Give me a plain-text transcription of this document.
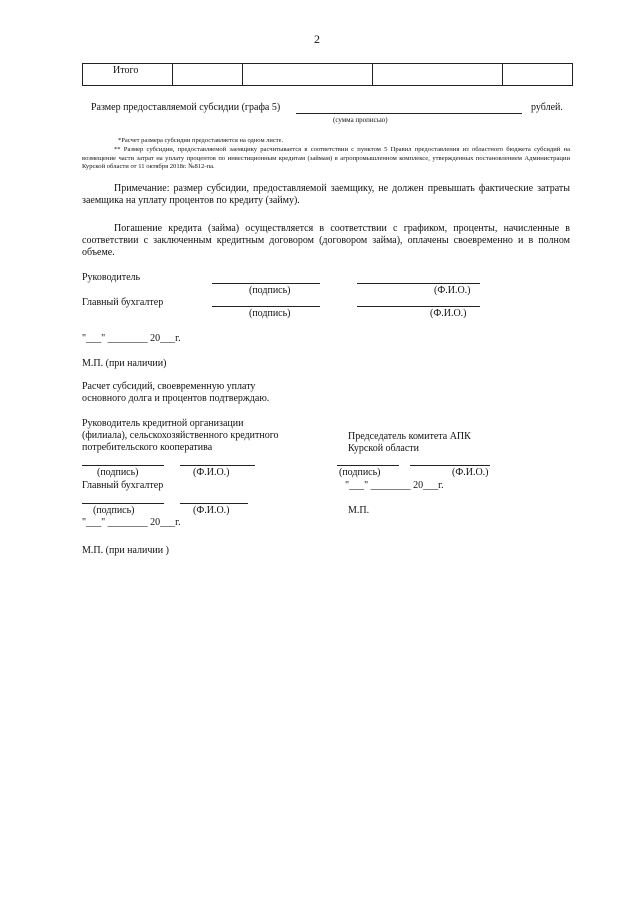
2
Итого				
Размер предоставляемой субсидии (графа 5)	рублей.
(сумма прописью)
*Расчет размера субсидии предоставляется на одном листе.
** Размер субсидии, предоставляемой заемщику расчитывается в соответствии с пунктом 5 Правил предоставления из областного бюджета субсидий на возмещение части затрат на уплату процентов по инвестиционным кредитам (займам) в агропромышленном комплексе, утвержденных постановлением Администрации Курской области от 11 октября 2018г. №812-па.
Примечание: размер субсидии, предоставляемой заемщику, не должен превышать фактические затраты заемщика на уплату процентов по кредиту (займу).
Погашение кредита (займа) осуществляется в соответствии с графиком, проценты, начисленные в соответствии с заключенным кредитным договором (договором займа), оплачены своевременно и в полном объеме.
Руководитель
(подпись)	(Ф.И.О.)
Главный бухгалтер
(подпись)	(Ф.И.О.)
"___" ________ 20___г.
М.П. (при наличии)
Расчет субсидий, своевременную уплату
основного долга и процентов подтверждаю.
Руководитель кредитной организации
(филиала), сельскохозяйственного кредитного
потребительского кооператива
(подпись)	(Ф.И.О.)
Главный бухгалтер
(подпись)	(Ф.И.О.)
"___" ________ 20___г.
М.П. (при наличии )
Председатель комитета АПК
Курской области
(подпись)	(Ф.И.О.)
"___" ________ 20___г.
М.П.
